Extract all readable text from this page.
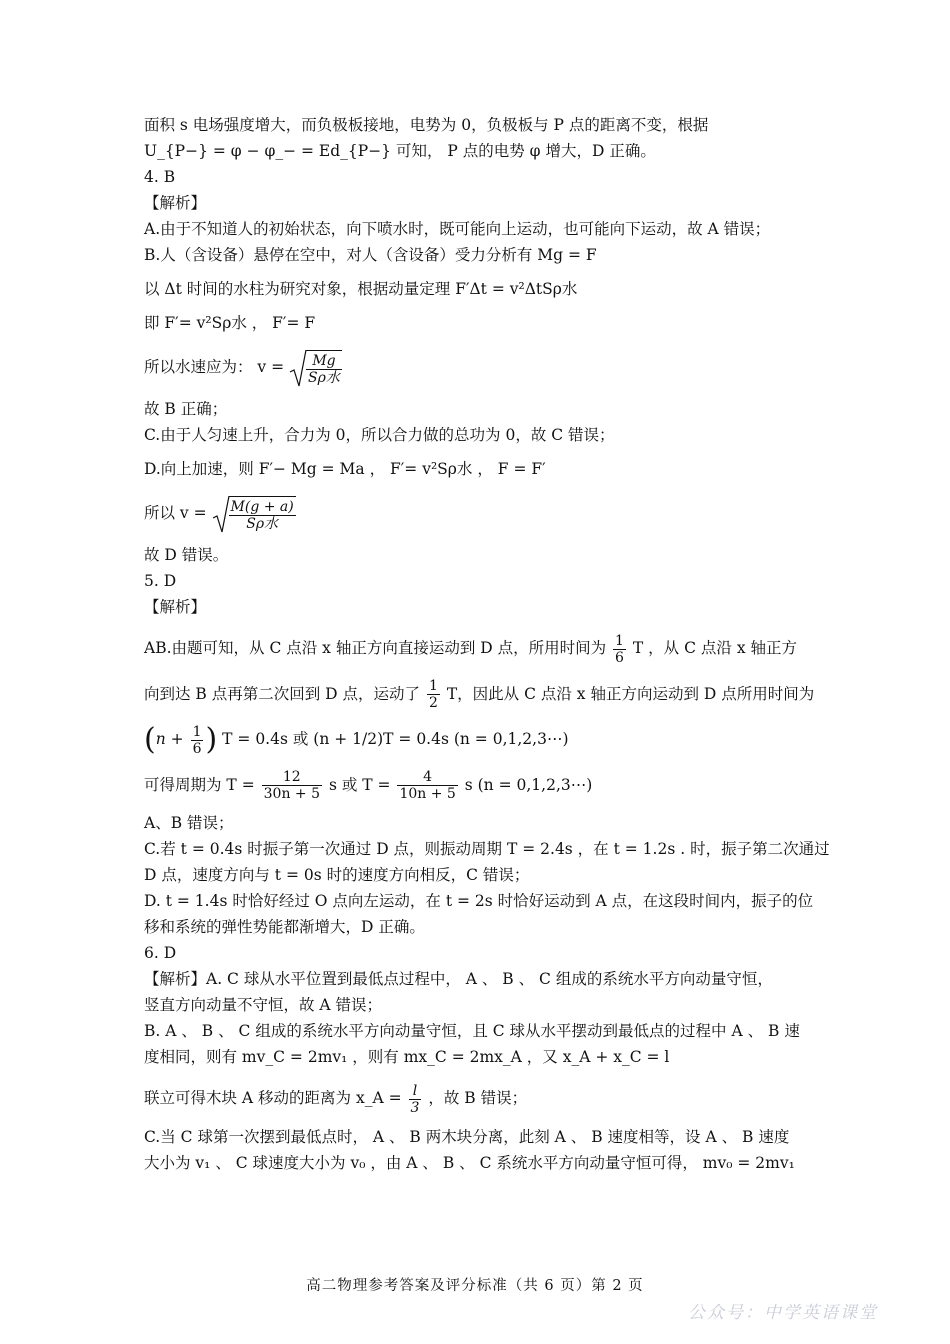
面积 s 电场强度增大，而负极板接地，电势为 0，负极板与 P 点的距离不变，根据

U_{P−} = φ − φ_− = Ed_{P−} 可知， P 点的电势 φ 增大，D 正确。

4. B

【解析】

A.由于不知道人的初始状态，向下喷水时，既可能向上运动，也可能向下运动，故 A 错误；

B.人（含设备）悬停在空中，对人（含设备）受力分析有 Mg = F

以 Δt 时间的水柱为研究对象，根据动量定理 F′Δt = v²ΔtSρ水

即 F′= v²Sρ水 ， F′= F

所以水速应为： $v = \frac{Mg}{\text{Sρ水}}$

故 B 正确；

C.由于人匀速上升，合力为 0，所以合力做的总功为 0，故 C 错误；

D.向上加速，则 F′− Mg = Ma ， F′= v²Sρ水 ， F = F′

所以 $v = \frac{M(g + a)}{\text{Sρ水}}$

故 D 错误。

5. D

【解析】

AB.由题可知，从 C 点沿 x 轴正方向直接运动到 D 点，所用时间为 $\frac{1}{6}$ T ，从 C 点沿 x 轴正方

向到达 B 点再第二次回到 D 点，运动了 $\frac{1}{2}$ T，因此从 C 点沿 x 轴正方向运动到 D 点所用时间为

($n + \frac{1}{6}$ ) T = 0.4s 或 (n + 1/2)T = 0.4s (n = 0,1,2,3⋯)

可得周期为 $T = \frac{12}{30n + 5}$ s 或 $T = \frac{4}{10n + 5}$ s (n = 0,1,2,3⋯)

A、B 错误；

C.若 t = 0.4s 时振子第一次通过 D 点，则振动周期 T = 2.4s ，在 t = 1.2s . 时，振子第二次通过

D 点，速度方向与 t = 0s 时的速度方向相反，C 错误；

D. t = 1.4s 时恰好经过 O 点向左运动，在 t = 2s 时恰好运动到 A 点，在这段时间内，振子的位

移和系统的弹性势能都渐增大，D 正确。

6. D

【解析】A. C 球从水平位置到最低点过程中， A 、 B 、 C 组成的系统水平方向动量守恒，

竖直方向动量不守恒，故 A 错误；

B. A 、 B 、 C 组成的系统水平方向动量守恒，且 C 球从水平摆动到最低点的过程中 A 、 B 速

度相同，则有 mv_C = 2mv₁ ，则有 mx_C = 2mx_A ，又 x_A + x_C = l

联立可得木块 A 移动的距离为 x_A = $\frac{l}{3}$ ，故 B 错误；

C.当 C 球第一次摆到最低点时， A 、 B 两木块分离，此刻 A 、 B 速度相等，设 A 、 B 速度

大小为 v₁ 、 C 球速度大小为 v₀ ，由 A 、 B 、 C 系统水平方向动量守恒可得， mv₀ = 2mv₁

高二物理参考答案及评分标准（共 6 页）第 2 页
公众号：中学英语课堂
